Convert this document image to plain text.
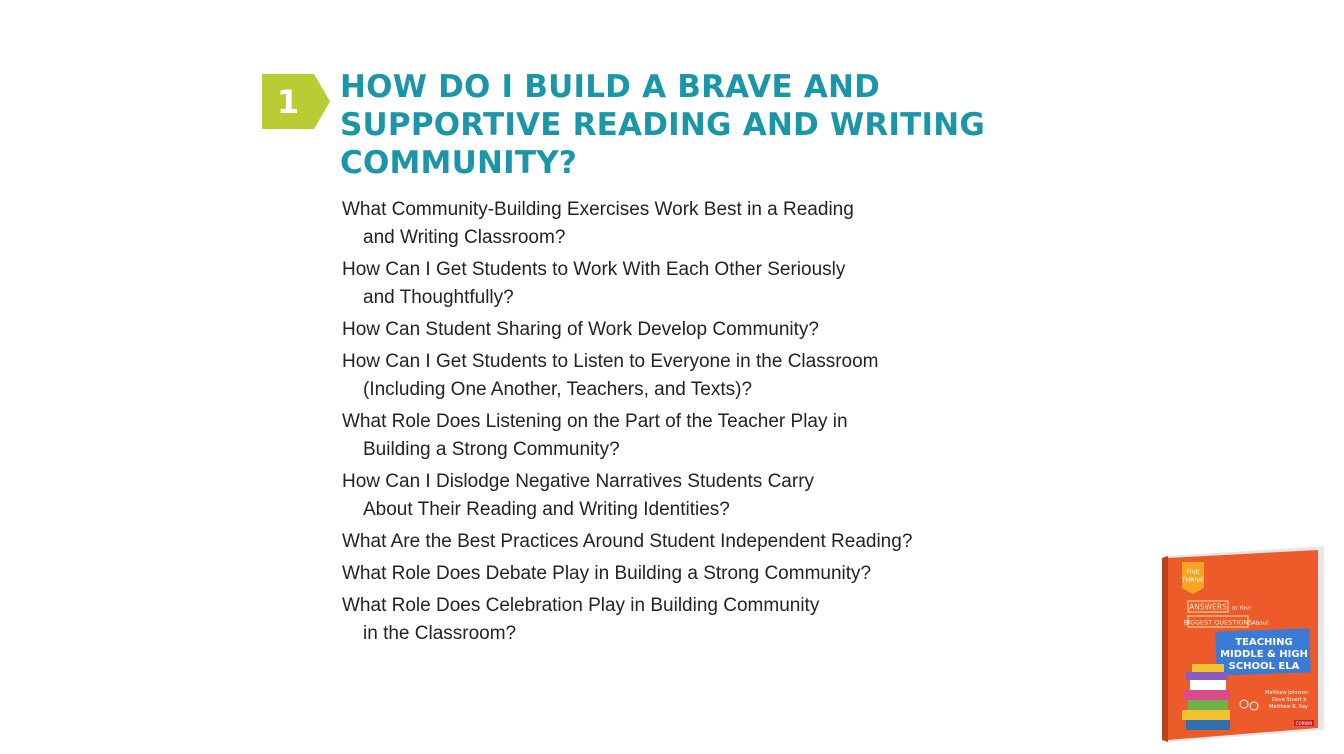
1	HOW DO I BUILD A BRAVE AND
SUPPORTIVE READING AND WRITING
COMMUNITY?
What Community-Building Exercises Work Best in a Reading
and Writing Classroom?
How Can I Get Students to Work With Each Other Seriously
and Thoughtfully?
How Can Student Sharing of Work Develop Community?
How Can I Get Students to Listen to Everyone in the Classroom
(Including One Another, Teachers, and Texts)?
What Role Does Listening on the Part of the Teacher Play in
Building a Strong Community?
How Can I Dislodge Negative Narratives Students Carry
About Their Reading and Writing Identities?
What Are the Best Practices Around Student Independent Reading?
What Role Does Debate Play in Building a Strong Community?
What Role Does Celebration Play in Building Community
in the Classroom?
FIVE
THRIVE
ANSWERS to Your
BIGGEST QUESTIONS About
TEACHING
MIDDLE & HIGH
SCHOOL ELA
Matthew Johnson
Dave Stuart Jr.
Matthew R. Kay
CORWIN
